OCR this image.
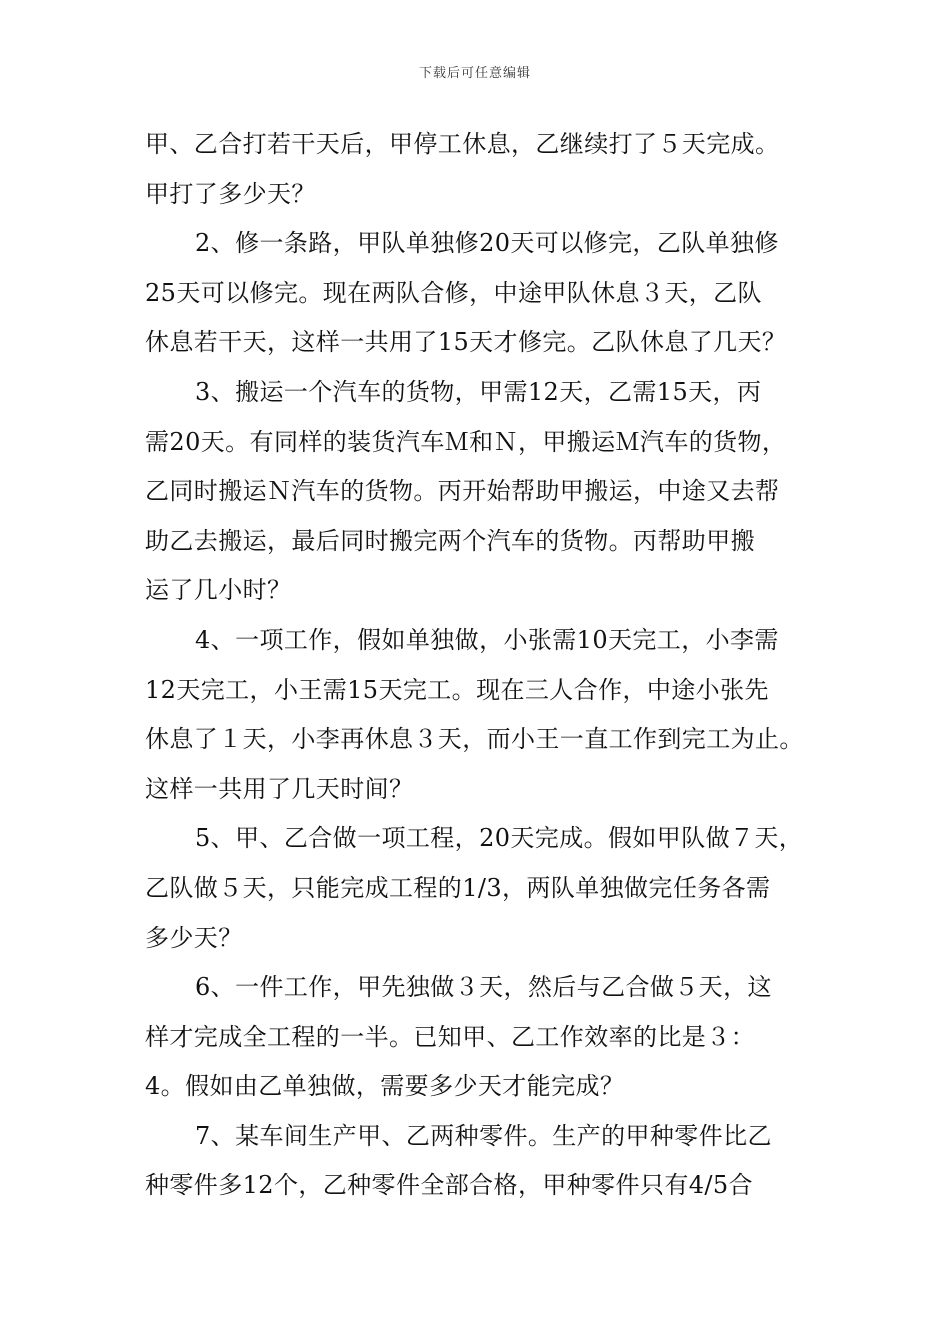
下载后可任意编辑
甲、乙合打若干天后，甲停工休息，乙继续打了５天完成。
甲打了多少天？
2、修一条路，甲队单独修20天可以修完，乙队单独修
25天可以修完。现在两队合修，中途甲队休息３天，乙队
休息若干天，这样一共用了15天才修完。乙队休息了几天？
3、搬运一个汽车的货物，甲需12天，乙需15天，丙
需20天。有同样的装货汽车Ｍ和Ｎ，甲搬运Ｍ汽车的货物，
乙同时搬运Ｎ汽车的货物。丙开始帮助甲搬运，中途又去帮
助乙去搬运，最后同时搬完两个汽车的货物。丙帮助甲搬
运了几小时？
4、一项工作，假如单独做，小张需10天完工，小李需
12天完工，小王需15天完工。现在三人合作，中途小张先
休息了１天，小李再休息３天，而小王一直工作到完工为止。
这样一共用了几天时间？
5、甲、乙合做一项工程，20天完成。假如甲队做７天，
乙队做５天，只能完成工程的1/3，两队单独做完任务各需
多少天？
6、一件工作，甲先独做３天，然后与乙合做５天，这
样才完成全工程的一半。已知甲、乙工作效率的比是３：
4。假如由乙单独做，需要多少天才能完成？
7、某车间生产甲、乙两种零件。生产的甲种零件比乙
种零件多12个，乙种零件全部合格，甲种零件只有4/5合
